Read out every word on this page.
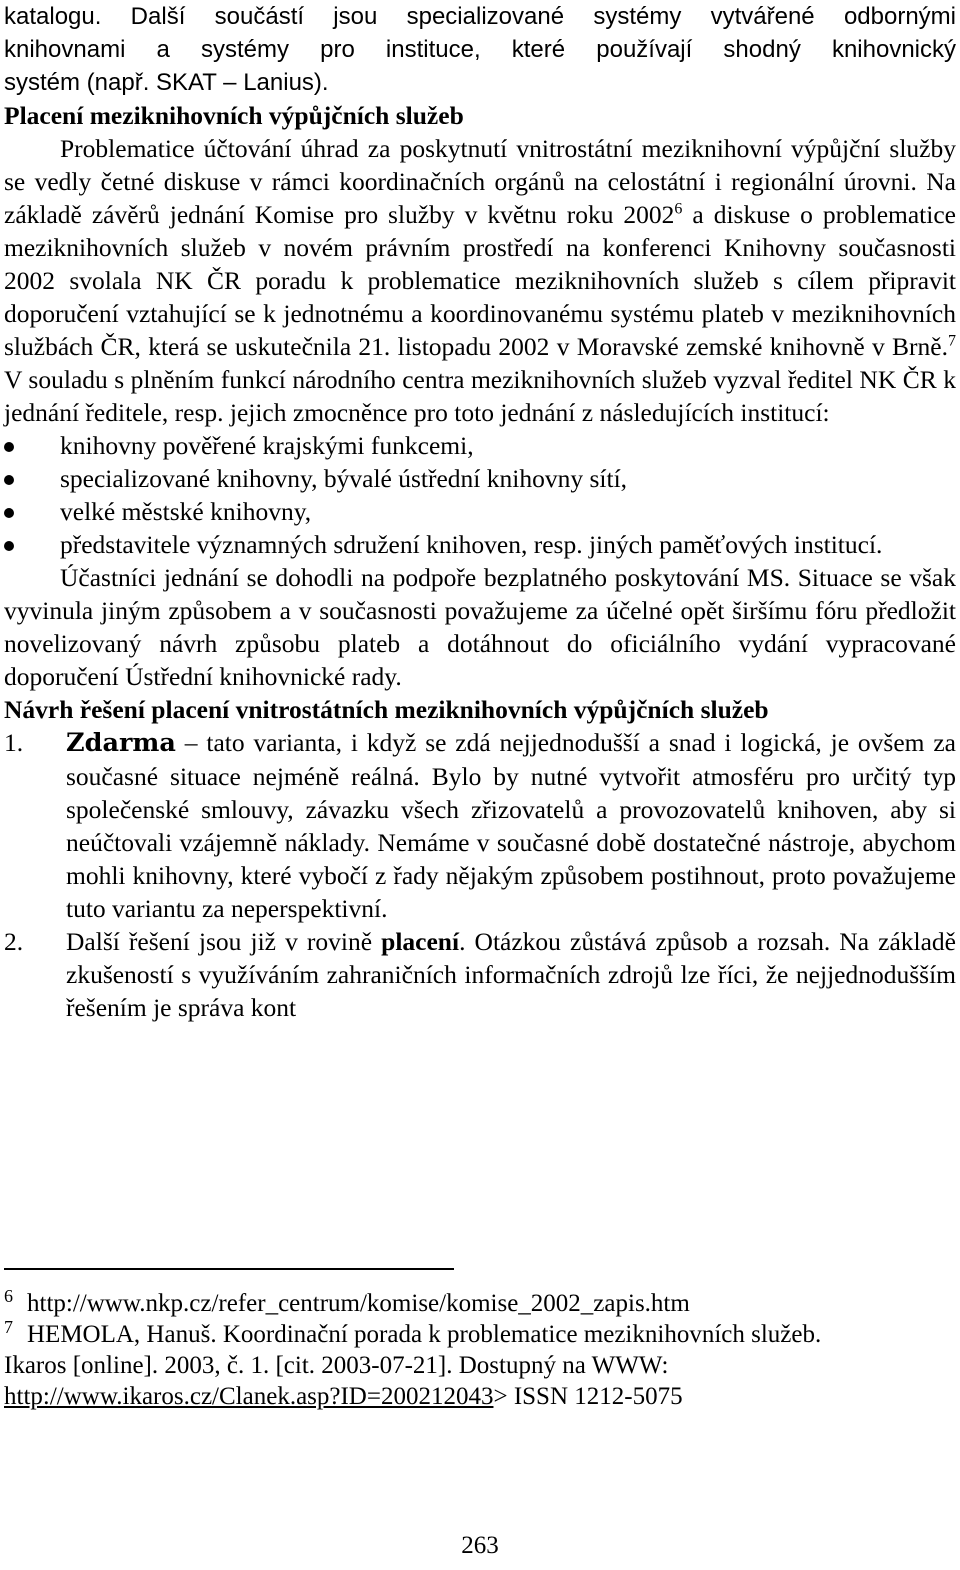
katalogu. Další součástí jsou specializované systémy vytvářené odbornými
knihovnami a systémy pro instituce, které používají shodný knihovnický
systém (např. SKAT – Lanius).
Placení meziknihovních výpůjčních služeb

Problematice účtování úhrad za poskytnutí vnitrostátní meziknihovní výpůjční služby se vedly četné diskuse v rámci koordinačních orgánů na celostátní i regionální úrovni. Na základě závěrů jednání Komise pro služby v květnu roku 2002$^6$ a diskuse o problematice meziknihovních služeb v novém právním prostředí na konferenci Knihovny současnosti 2002 svolala NK ČR poradu k problematice meziknihovních služeb s cílem připravit doporučení vztahující se k jednotnému a koordinovanému systému plateb v meziknihovních službách ČR, která se uskutečnila 21. listopadu 2002 v Moravské zemské knihovně v Brně.$^7$ V souladu s plněním funkcí národního centra meziknihovních služeb vyzval ředitel NK ČR k jednání ředitele, resp. jejich zmocněnce pro toto jednání z následujících institucí:

knihovny pověřené krajskými funkcemi,
specializované knihovny, bývalé ústřední knihovny sítí,
velké městské knihovny,
představitele významných sdružení knihoven, resp. jiných paměťových institucí.

Účastníci jednání se dohodli na podpoře bezplatného poskytování MS. Situace se však vyvinula jiným způsobem a v současnosti považujeme za účelné opět širšímu fóru předložit novelizovaný návrh způsobu plateb a dotáhnout do oficiálního vydání vypracované doporučení Ústřední knihovnické rady.

Návrh řešení placení vnitrostátních meziknihovních výpůjčních služeb
1. Zdarma – tato varianta, i když se zdá nejjednodušší a snad i logická, je ovšem za současné situace nejméně reálná. Bylo by nutné vytvořit atmosféru pro určitý typ společenské smlouvy, závazku všech zřizovatelů a provozovatelů knihoven, aby si neúčtovali vzájemně náklady. Nemáme v současné době dostatečné nástroje, abychom mohli knihovny, které vybočí z řady nějakým způsobem postihnout, proto považujeme tuto variantu za neperspektivní.
2. Další řešení jsou již v rovině placení. Otázkou zůstává způsob a rozsah. Na základě zkušeností s využíváním zahraničních informačních zdrojů lze říci, že nejjednodušším řešením je správa kont
$^6$ http://www.nkp.cz/refer_centrum/komise/komise_2002_zapis.htm
$^7$ HEMOLA, Hanuš. Koordinační porada k problematice meziknihovních služeb.
Ikaros [online]. 2003, č. 1. [cit. 2003-07-21]. Dostupný na WWW:
http://www.ikaros.cz/Clanek.asp?ID=200212043> ISSN 1212-5075
263
